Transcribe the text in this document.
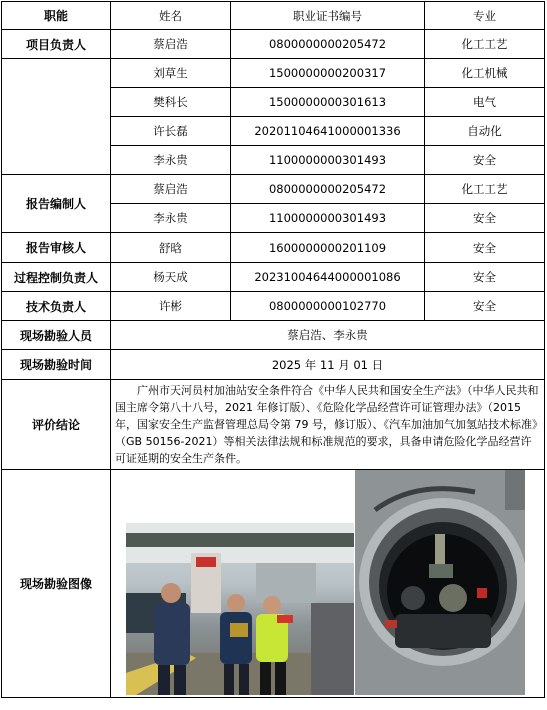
职能	姓名	职业证书编号	专业
项目负责人	蔡启浩	0800000000205472	化工工艺
	刘草生	1500000000200317	化工机械
	樊科长	1500000000301613	电气
	许长磊	202011046410000013​36	自动化
	李永贵	1100000000301493	安全
报告编制人	蔡启浩	0800000000205472	化工工艺
	李永贵	1100000000301493	安全
报告审核人	舒晗	1600000000201109	安全
过程控制负责人	杨天成	202310046440000010​86	安全
技术负责人	许彬	0800000000102770	安全
现场勘验人员	蔡启浩、李永贵		
现场勘验时间	2025 年 11 月 01 日		
评价结论	广州市天河员村加油站安全条件符合《中华人民共和国安全生产法》（中华人民共和国主席令第八十八号，2021 年修订版）、《危险化学品经营许可证管理办法》（2015 年，国家安全生产监督管理总局令第 79 号，修订版）、《汽车加油加气加氢站技术标准》（GB 50156-2021）等相关法律法规和标准规范的要求，具备申请危险化学品经营许可证延期的安全生产条件。		
现场勘验图像	
